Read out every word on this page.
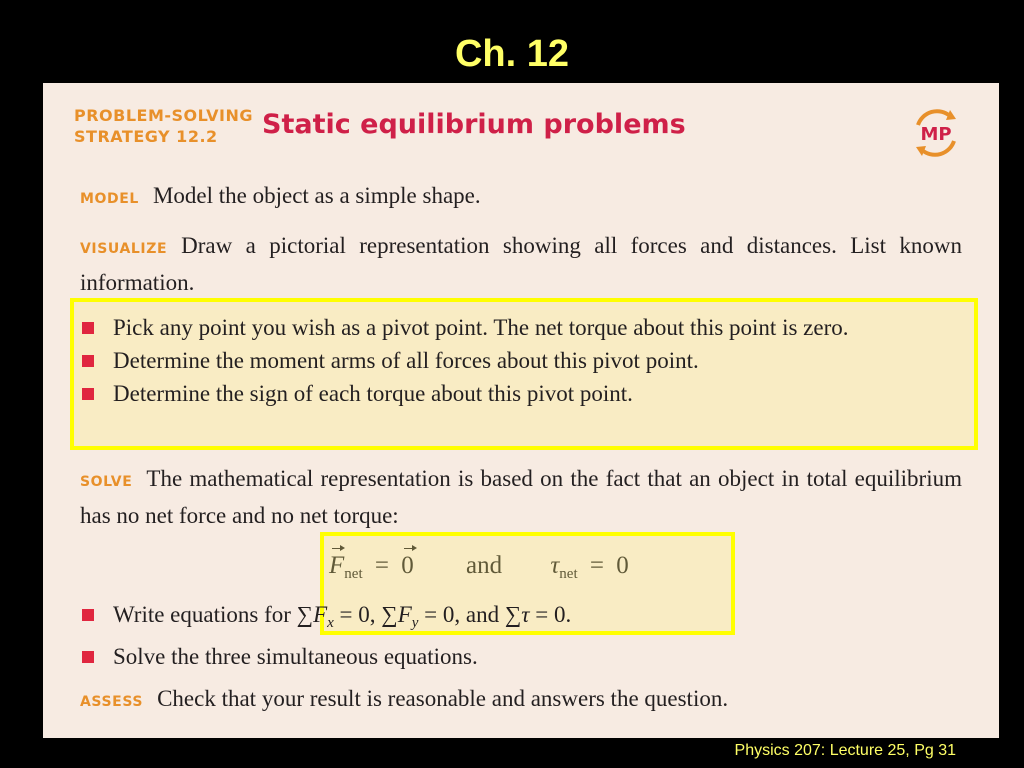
Ch. 12
PROBLEM-SOLVING
STRATEGY 12.2	Static equilibrium problems	MP
MODEL Model the object as a simple shape.
VISUALIZE Draw a pictorial representation showing all forces and distances. List known information.
Pick any point you wish as a pivot point. The net torque about this point is zero.
Determine the moment arms of all forces about this pivot point.
Determine the sign of each torque about this pivot point.
SOLVE The mathematical representation is based on the fact that an object in total equilibrium has no net force and no net torque:
$F_{net} = 0$ and $\tau_{net} = 0$
Write equations for $\sum F_x = 0$, $\sum F_y = 0$, and ∑τ = 0.
Solve the three simultaneous equations.
ASSESS Check that your result is reasonable and answers the question.
Physics 207: Lecture 25, Pg 31
